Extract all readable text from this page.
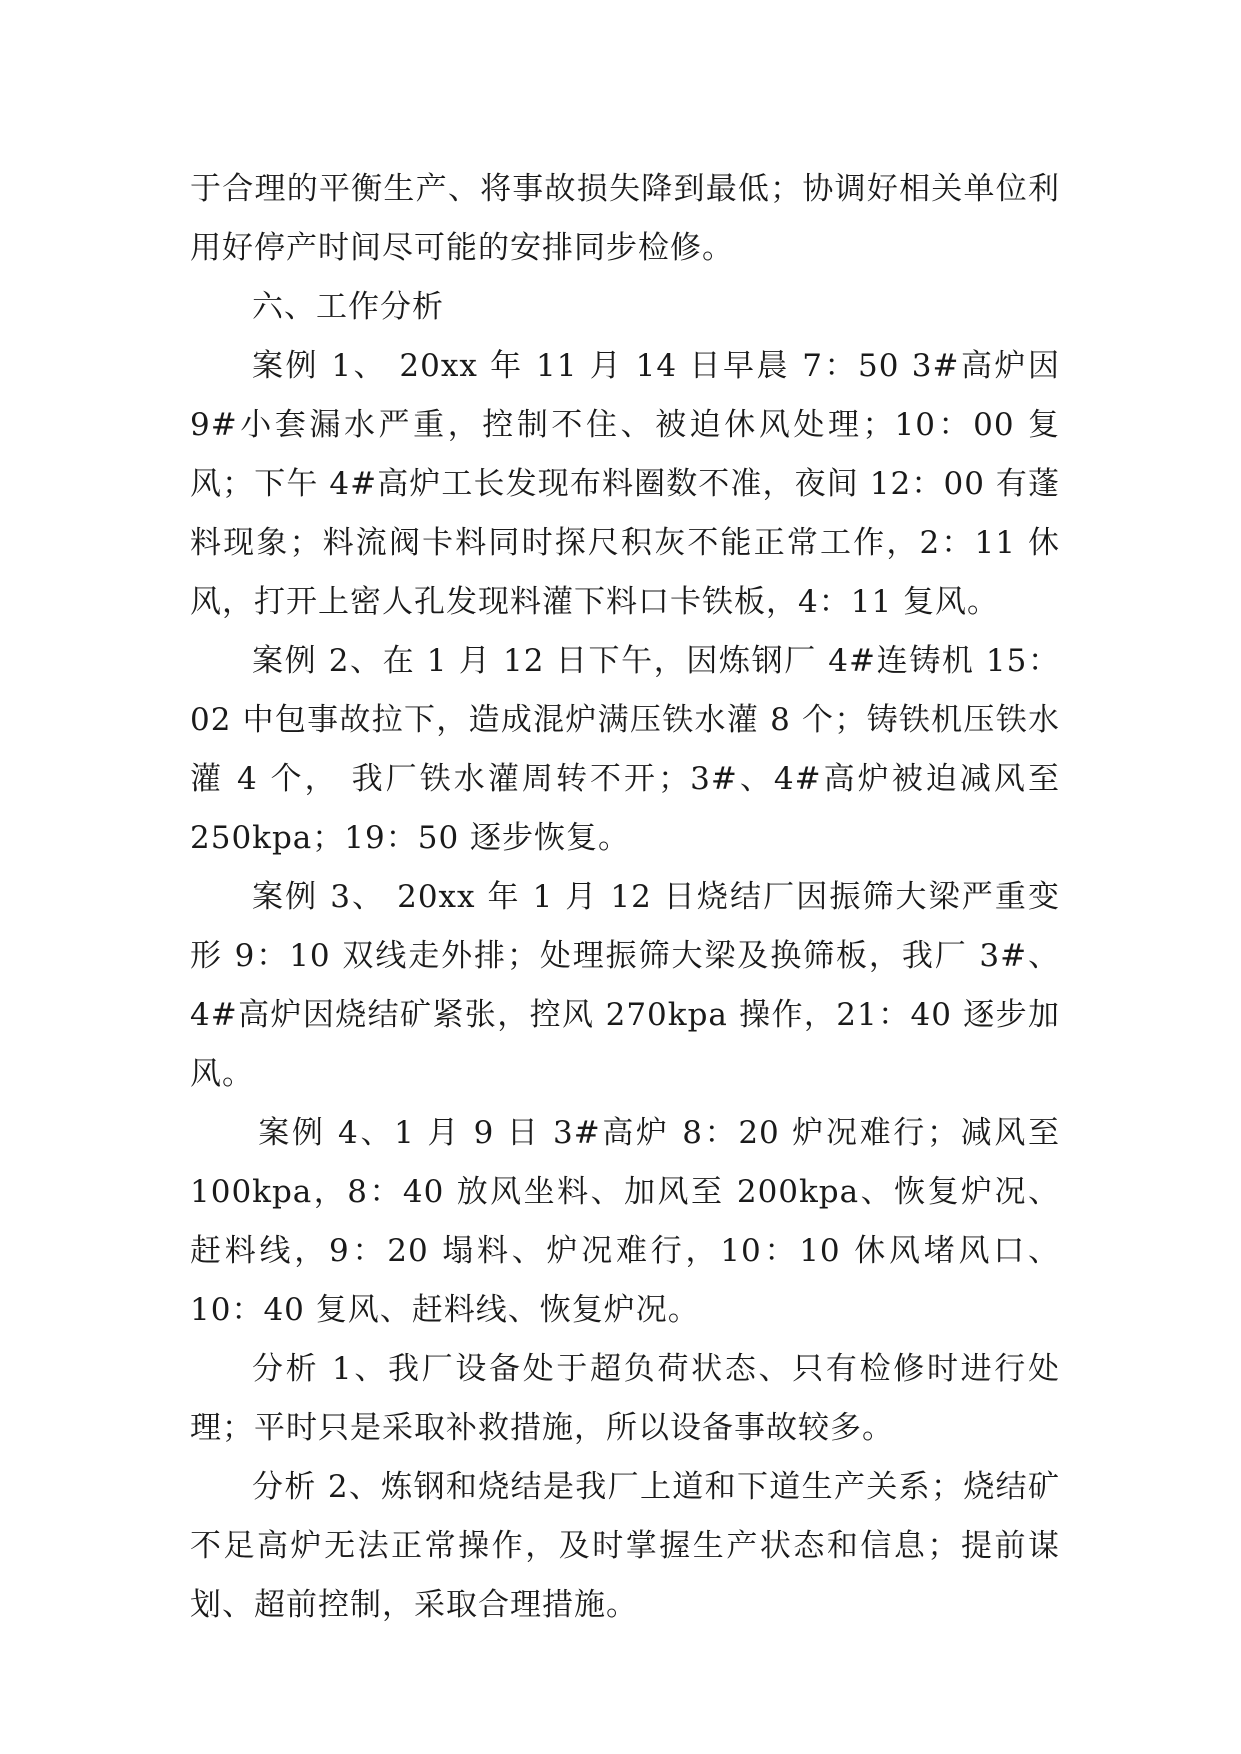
于合理的平衡生产、将事故损失降到最低；协调好相关单位利用好停产时间尽可能的安排同步检修。

六、工作分析

案例 1、 20xx 年 11 月 14 日早晨 7：50 3#高炉因 9#小套漏水严重，控制不住、被迫休风处理；10：00 复风；下午 4#高炉工长发现布料圈数不准，夜间 12：00 有蓬料现象；料流阀卡料同时探尺积灰不能正常工作，2：11 休风，打开上密人孔发现料灌下料口卡铁板，4：11 复风。

案例 2、在 1 月 12 日下午，因炼钢厂 4#连铸机 15：02 中包事故拉下，造成混炉满压铁水灌 8 个；铸铁机压铁水灌 4 个， 我厂铁水灌周转不开；3#、4#高炉被迫减风至 250kpa；19：50 逐步恢复。

案例 3、 20xx 年 1 月 12 日烧结厂因振筛大梁严重变形 9：10 双线走外排；处理振筛大梁及换筛板，我厂 3#、4#高炉因烧结矿紧张，控风 270kpa 操作，21：40 逐步加风。

案例 4、1 月 9 日 3#高炉 8：20 炉况难行；减风至 100kpa，8：40 放风坐料、加风至 200kpa、恢复炉况、赶料线，9：20 塌料、炉况难行，10：10 休风堵风口、10：40 复风、赶料线、恢复炉况。

分析 1、我厂设备处于超负荷状态、只有检修时进行处理；平时只是采取补救措施，所以设备事故较多。

分析 2、炼钢和烧结是我厂上道和下道生产关系；烧结矿不足高炉无法正常操作，及时掌握生产状态和信息；提前谋划、超前控制，采取合理措施。
